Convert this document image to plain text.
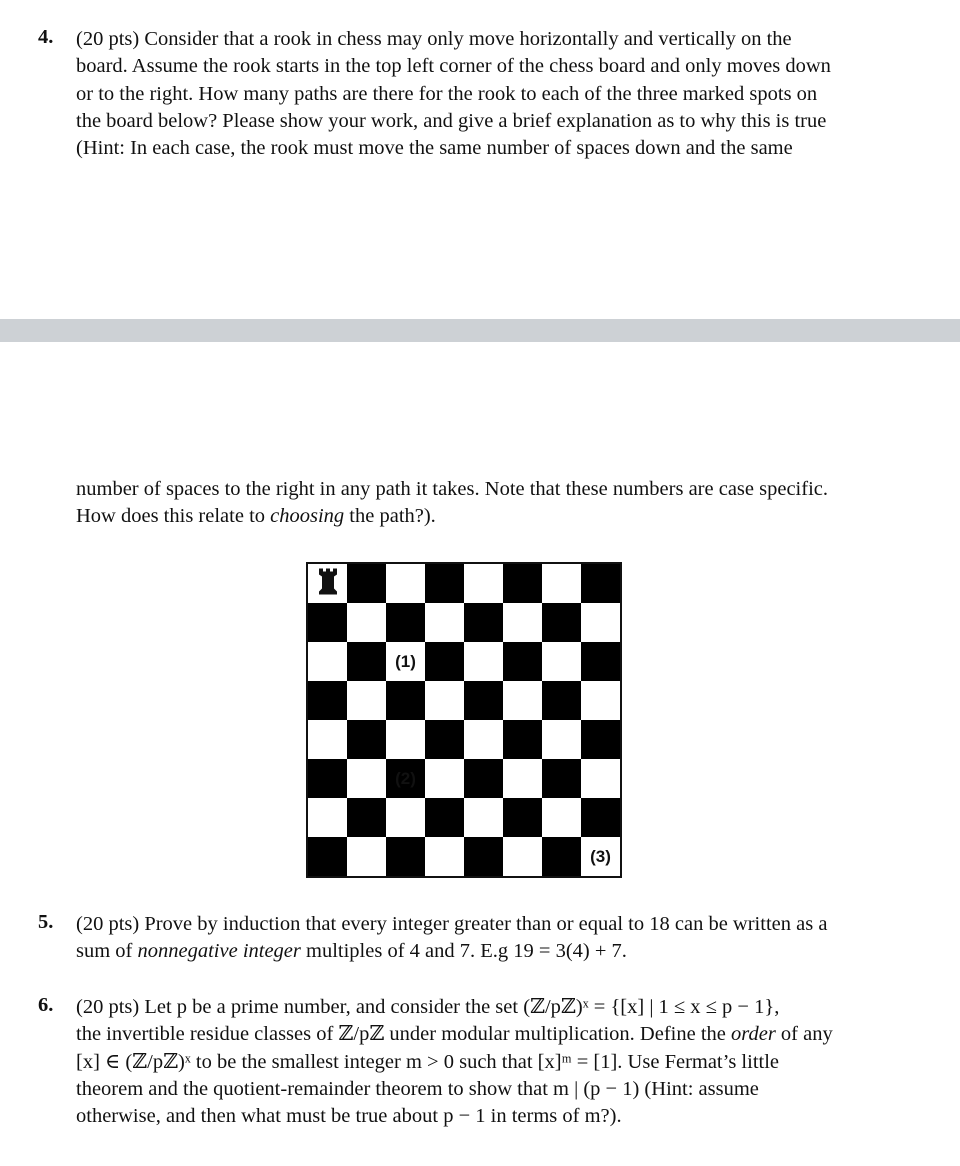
4. (20 pts) Consider that a rook in chess may only move horizontally and vertically on the
board. Assume the rook starts in the top left corner of the chess board and only moves down
or to the right. How many paths are there for the rook to each of the three marked spots on
the board below? Please show your work, and give a brief explanation as to why this is true
(Hint: In each case, the rook must move the same number of spaces down and the same
number of spaces to the right in any path it takes. Note that these numbers are case specific.
How does this relate to choosing the path?).
(1)
(2)
(3)
5. (20 pts) Prove by induction that every integer greater than or equal to 18 can be written as a
sum of nonnegative integer multiples of 4 and 7. E.g 19 = 3(4) + 7.
6. (20 pts) Let p be a prime number, and consider the set (ℤ/pℤ)ˣ = {[x] | 1 ≤ x ≤ p − 1},
the invertible residue classes of ℤ/pℤ under modular multiplication. Define the order of any
[x] ∈ (ℤ/pℤ)ˣ to be the smallest integer m > 0 such that [x]ᵐ = [1]. Use Fermat’s little
theorem and the quotient-remainder theorem to show that m | (p − 1) (Hint: assume
otherwise, and then what must be true about p − 1 in terms of m?).
